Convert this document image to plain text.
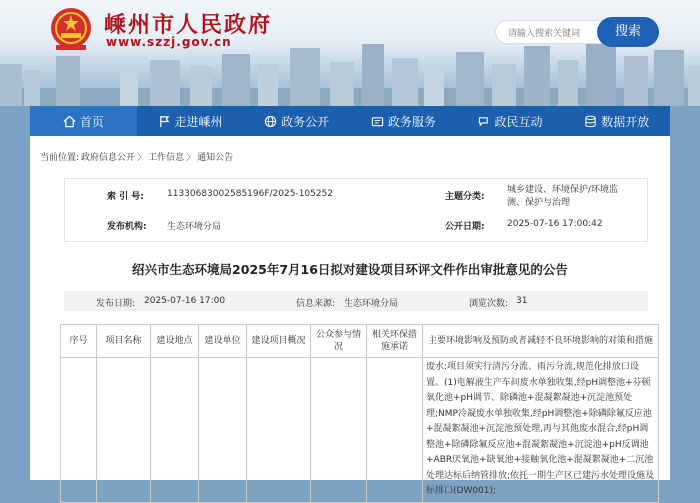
嵊州市人民政府
www.szzj.gov.cn
请输入搜索关键词
搜索
首页	走进嵊州	政务公开	政务服务	政民互动	数据开放
当前位置: 政府信息公开 〉 工作信息 〉 通知公告
索 引 号:	11330683002585196F/2025-105252	主题分类:
城乡建设、环境保护/环境监测、保护与治理
发布机构: 生态环境分局	公开日期: 2025-07-16 17:00:42
绍兴市生态环境局2025年7月16日拟对建设项目环评文件作出审批意见的公告
发布日期: 2025-07-16 17:00	信息来源: 生态环境分局	浏览次数: 31
序号	项目名称	建设地点	建设单位	建设项目概况	公众参与情况	相关环保措施承诺	主要环境影响及预防或者减轻不良环境影响的对策和措施
							废水:项目须实行清污分流、雨污分流,规范化排放口设置。(1)电解液生产车间废水单独收集,经pH调整池+芬顿氧化池+pH调节、除磷池+混凝絮凝池+沉淀池预处理;NMP冷凝废水单独收集,经pH调整池+除磷除氟反应池+混凝絮凝池+沉淀池预处理,再与其他废水混合,经pH调整池+除磷除氟反应池+混凝絮凝池+沉淀池+pH反调池+ABR厌氧池+缺氧池+接触氧化池+混凝絮凝池+二沉池处理达标后纳管排放;依托一期生产区已建污水处理设施及标排口(DW001);
